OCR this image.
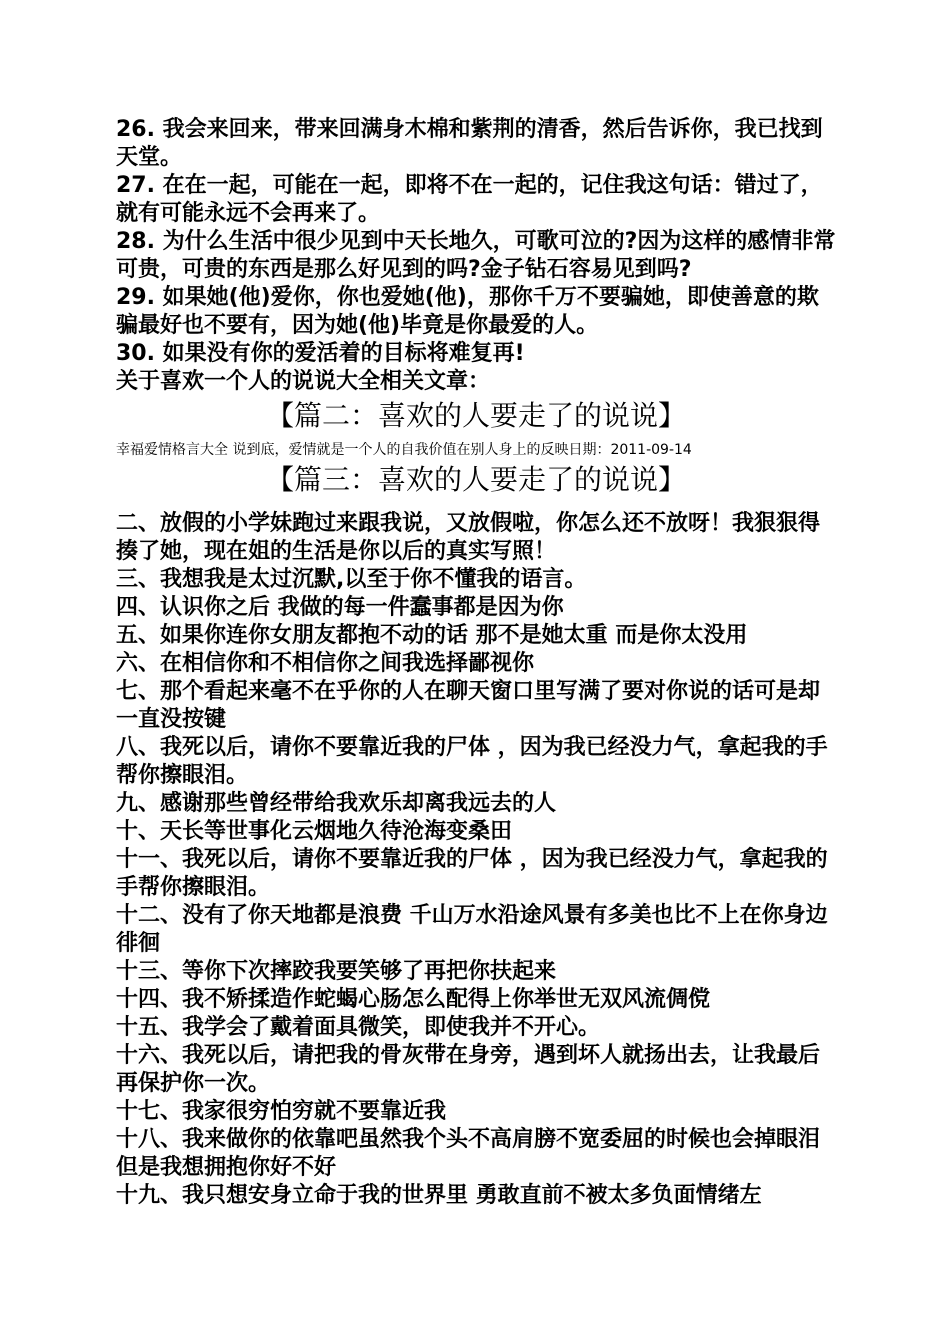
26. 我会来回来，带来回满身木棉和紫荆的清香，然后告诉你，我已找到天堂。
27. 在在一起，可能在一起，即将不在一起的，记住我这句话：错过了，就有可能永远不会再来了。
28. 为什么生活中很少见到中天长地久，可歌可泣的?因为这样的感情非常可贵，可贵的东西是那么好见到的吗?金子钻石容易见到吗?
29. 如果她(他)爱你，你也爱她(他)，那你千万不要骗她，即使善意的欺骗最好也不要有，因为她(他)毕竟是你最爱的人。
30. 如果没有你的爱活着的目标将难复再!
关于喜欢一个人的说说大全相关文章：
【篇二：喜欢的人要走了的说说】
幸福爱情格言大全 说到底，爱情就是一个人的自我价值在别人身上的反映日期：2011-09-14
【篇三：喜欢的人要走了的说说】
二、放假的小学妹跑过来跟我说，又放假啦，你怎么还不放呀！我狠狠得揍了她，现在姐的生活是你以后的真实写照！
三、我想我是太过沉默,以至于你不懂我的语言。
四、认识你之后 我做的每一件蠢事都是因为你
五、如果你连你女朋友都抱不动的话 那不是她太重 而是你太没用
六、在相信你和不相信你之间我选择鄙视你
七、那个看起来毫不在乎你的人在聊天窗口里写满了要对你说的话可是却一直没按键
八、我死以后，请你不要靠近我的尸体 ，因为我已经没力气，拿起我的手帮你擦眼泪。
九、感谢那些曾经带给我欢乐却离我远去的人
十、天长等世事化云烟地久待沧海变桑田
十一、我死以后，请你不要靠近我的尸体 ，因为我已经没力气，拿起我的手帮你擦眼泪。
十二、没有了你天地都是浪费 千山万水沿途风景有多美也比不上在你身边徘徊
十三、等你下次摔跤我要笑够了再把你扶起来
十四、我不矫揉造作蛇蝎心肠怎么配得上你举世无双风流倜傥
十五、我学会了戴着面具微笑，即使我并不开心。
十六、我死以后，请把我的骨灰带在身旁，遇到坏人就扬出去，让我最后再保护你一次。
十七、我家很穷怕穷就不要靠近我
十八、我来做你的依靠吧虽然我个头不高肩膀不宽委屈的时候也会掉眼泪但是我想拥抱你好不好
十九、我只想安身立命于我的世界里 勇敢直前不被太多负面情绪左
